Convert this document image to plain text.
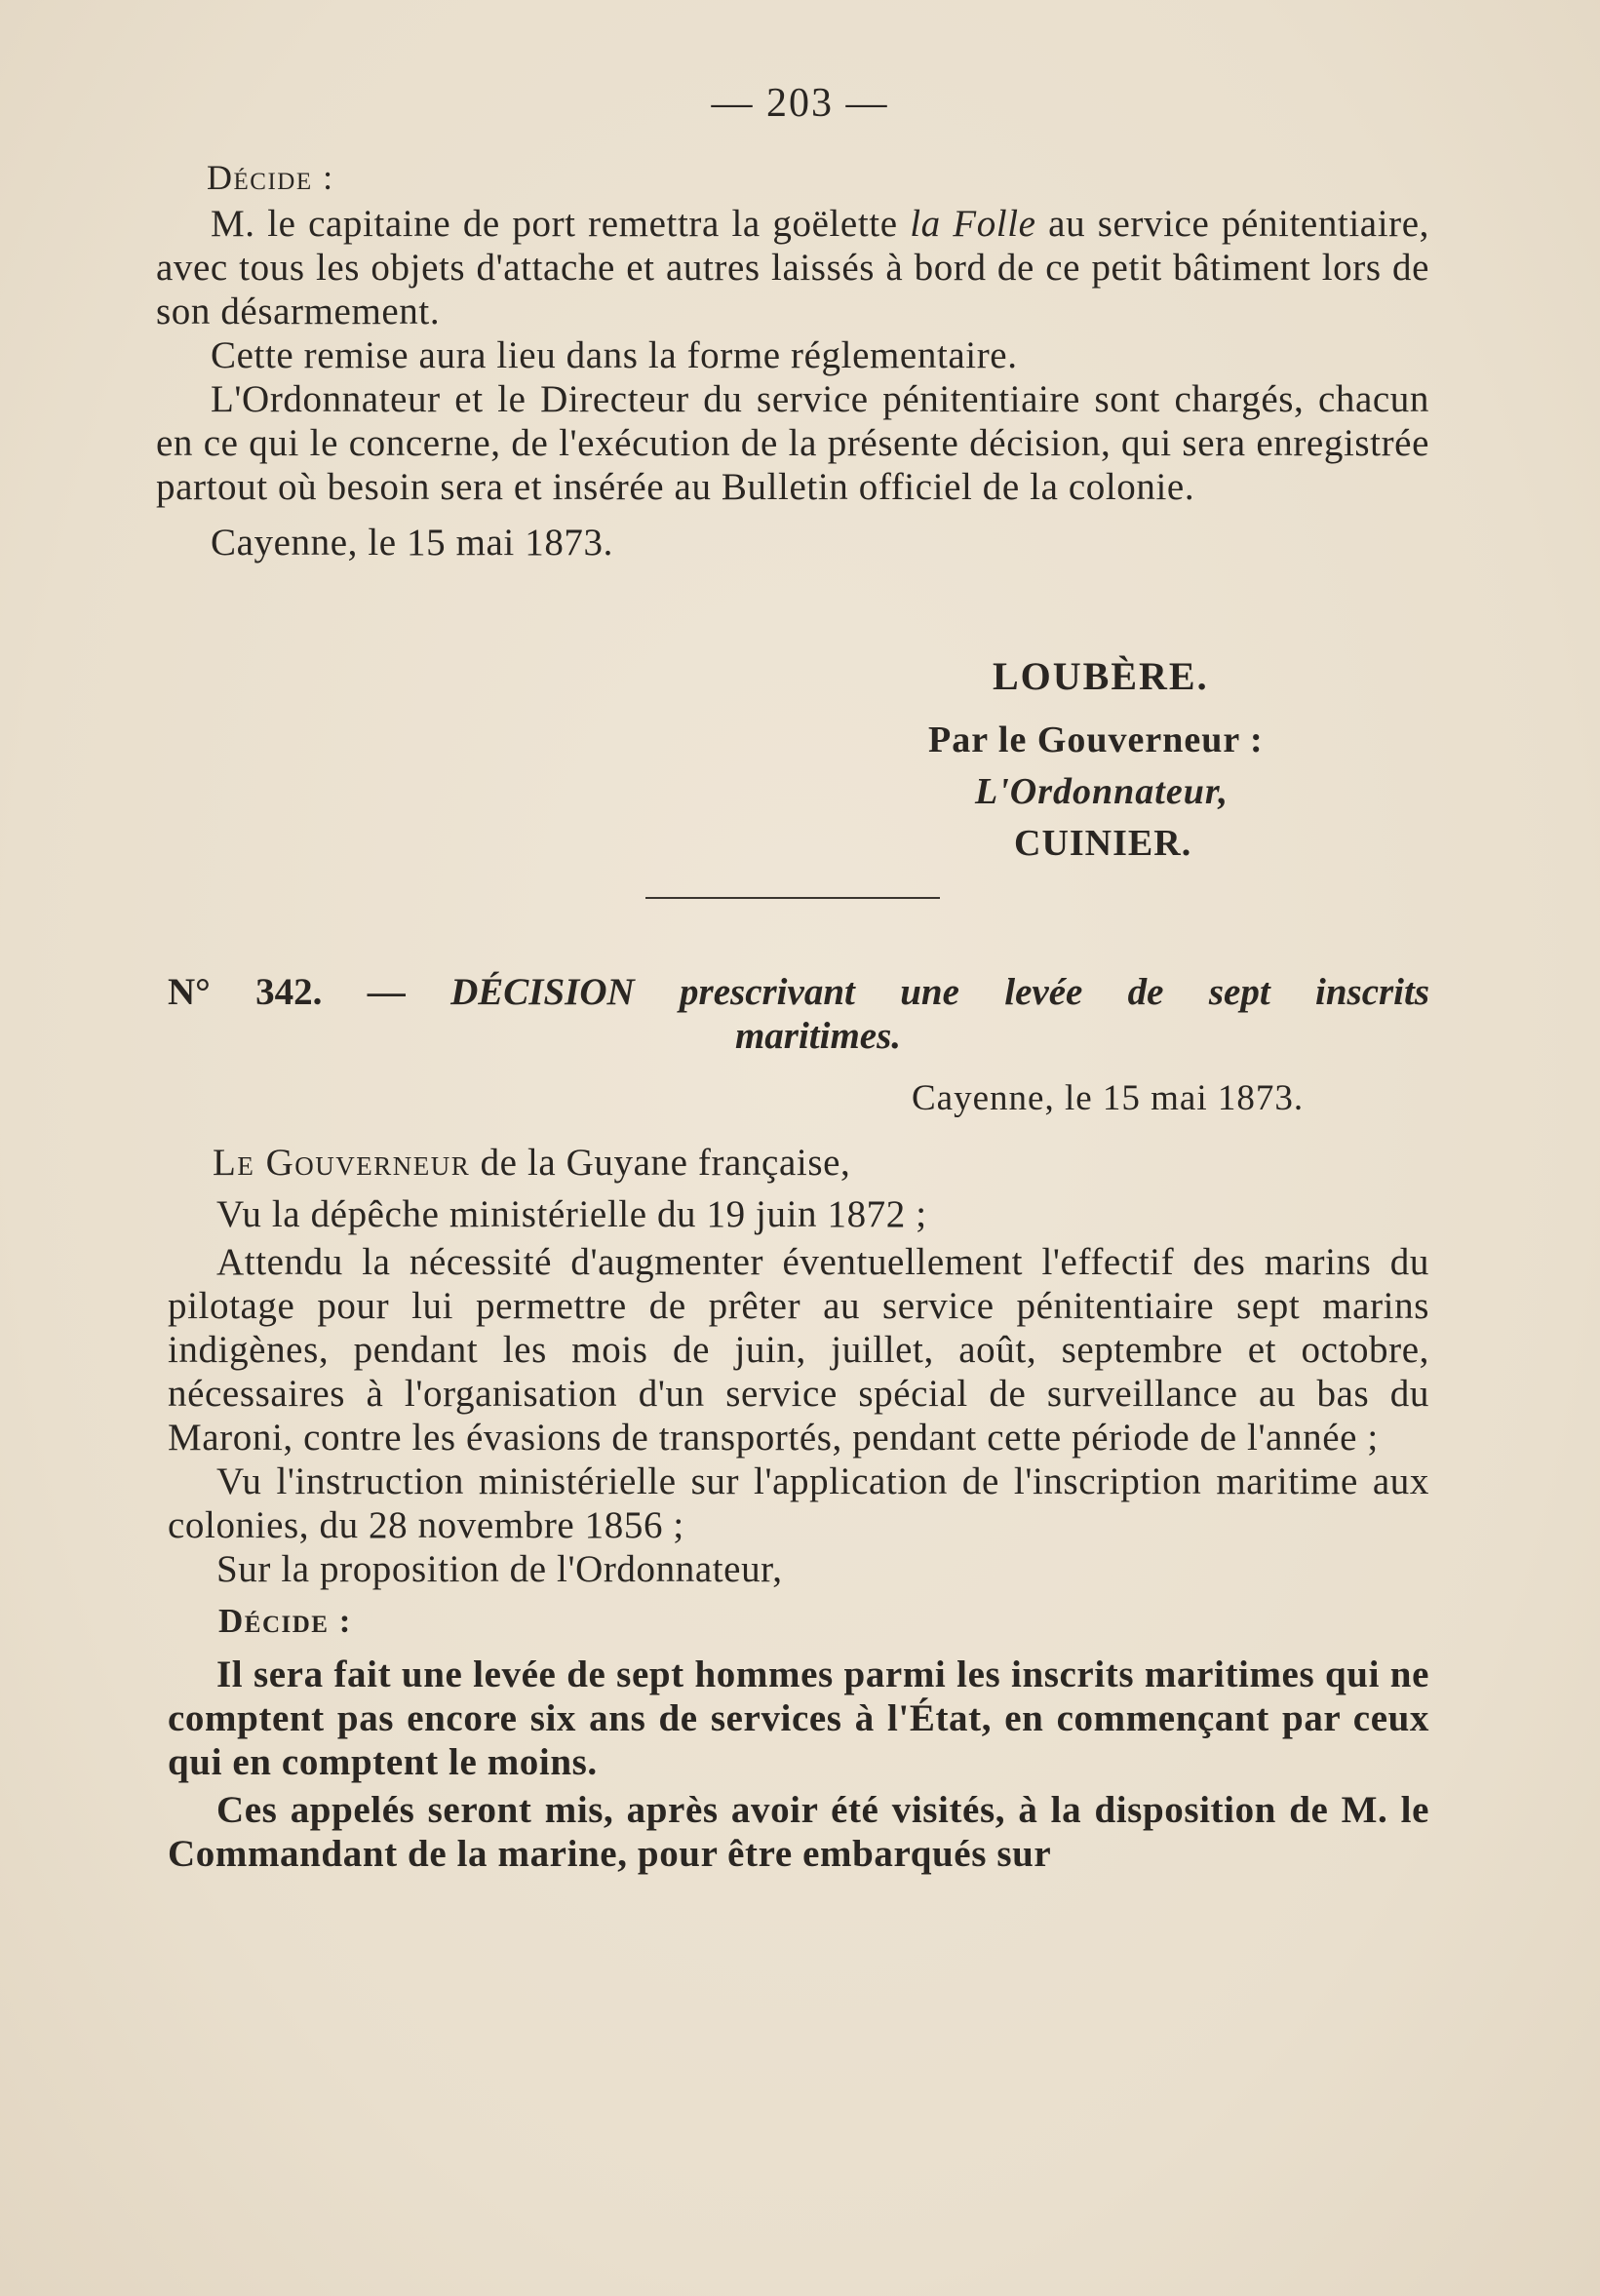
— 203 —

Décide :

M. le capitaine de port remettra la goëlette la Folle au service pénitentiaire, avec tous les objets d'attache et autres laissés à bord de ce petit bâtiment lors de son désarmement.

Cette remise aura lieu dans la forme réglementaire.

L'Ordonnateur et le Directeur du service pénitentiaire sont chargés, chacun en ce qui le concerne, de l'exécution de la présente décision, qui sera enregistrée partout où besoin sera et insérée au Bulletin officiel de la colonie.

Cayenne, le 15 mai 1873.

LOUBÈRE.
Par le Gouverneur :
L'Ordonnateur,
CUINIER.

N° 342. — DÉCISION prescrivant une levée de sept inscrits

maritimes.

Cayenne, le 15 mai 1873.

Le Gouverneur de la Guyane française,

Vu la dépêche ministérielle du 19 juin 1872 ;

Attendu la nécessité d'augmenter éventuellement l'effectif des marins du pilotage pour lui permettre de prêter au service pénitentiaire sept marins indigènes, pendant les mois de juin, juillet, août, septembre et octobre, nécessaires à l'organisation d'un service spécial de surveillance au bas du Maroni, contre les évasions de transportés, pendant cette période de l'année ;

Vu l'instruction ministérielle sur l'application de l'inscription maritime aux colonies, du 28 novembre 1856 ;

Sur la proposition de l'Ordonnateur,

Décide :

Il sera fait une levée de sept hommes parmi les inscrits maritimes qui ne comptent pas encore six ans de services à l'État, en commençant par ceux qui en comptent le moins.

Ces appelés seront mis, après avoir été visités, à la disposition de M. le Commandant de la marine, pour être embarqués sur
